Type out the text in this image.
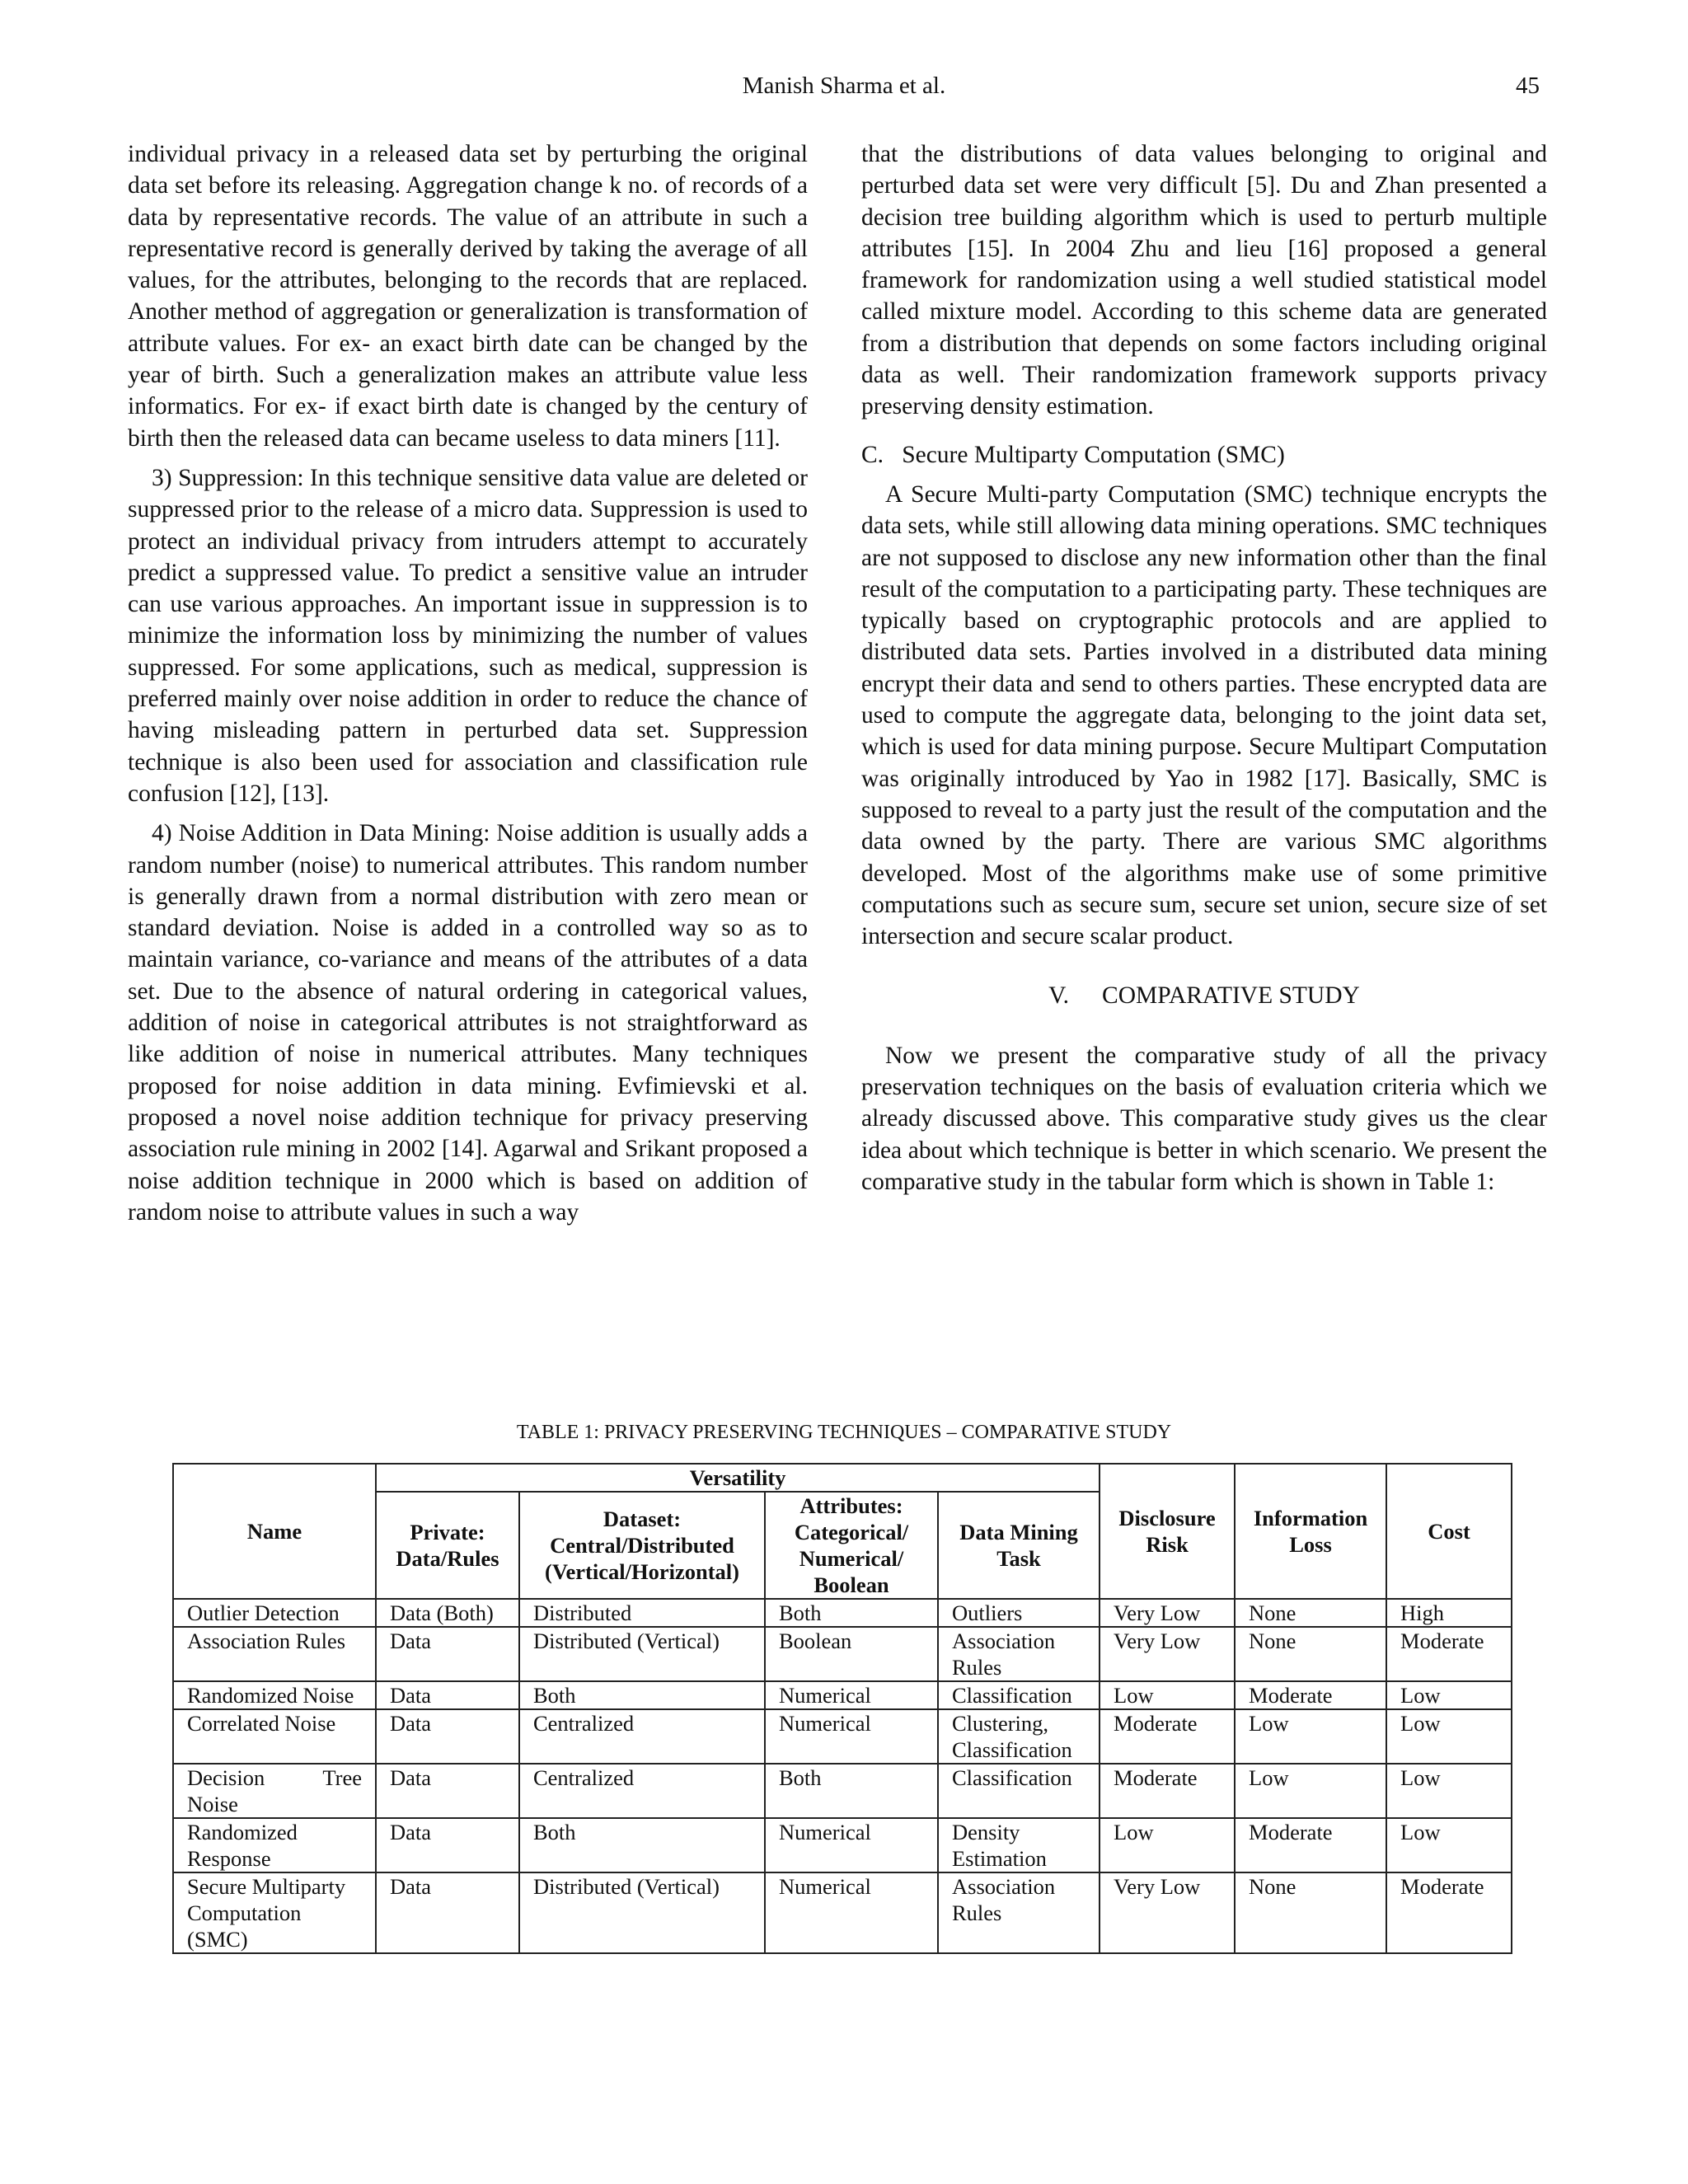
Manish Sharma et al.	45

individual privacy in a released data set by perturbing the original data set before its releasing. Aggregation change k no. of records of a data by representative records. The value of an attribute in such a representative record is generally derived by taking the average of all values, for the attributes, belonging to the records that are replaced. Another method of aggregation or generalization is transformation of attribute values. For ex- an exact birth date can be changed by the year of birth. Such a generalization makes an attribute value less informatics. For ex- if exact birth date is changed by the century of birth then the released data can became useless to data miners [11].

3) Suppression: In this technique sensitive data value are deleted or suppressed prior to the release of a micro data. Suppression is used to protect an individual privacy from intruders attempt to accurately predict a suppressed value. To predict a sensitive value an intruder can use various approaches. An important issue in suppression is to minimize the information loss by minimizing the number of values suppressed. For some applications, such as medical, suppression is preferred mainly over noise addition in order to reduce the chance of having misleading pattern in perturbed data set. Suppression technique is also been used for association and classification rule confusion [12], [13].

4) Noise Addition in Data Mining: Noise addition is usually adds a random number (noise) to numerical attributes. This random number is generally drawn from a normal distribution with zero mean or standard deviation. Noise is added in a controlled way so as to maintain variance, co-variance and means of the attributes of a data set. Due to the absence of natural ordering in categorical values, addition of noise in categorical attributes is not straightforward as like addition of noise in numerical attributes. Many techniques proposed for noise addition in data mining. Evfimievski et al. proposed a novel noise addition technique for privacy preserving association rule mining in 2002 [14]. Agarwal and Srikant proposed a noise addition technique in 2000 which is based on addition of random noise to attribute values in such a way

that the distributions of data values belonging to original and perturbed data set were very difficult [5]. Du and Zhan presented a decision tree building algorithm which is used to perturb multiple attributes [15]. In 2004 Zhu and lieu [16] proposed a general framework for randomization using a well studied statistical model called mixture model. According to this scheme data are generated from a distribution that depends on some factors including original data as well. Their randomization framework supports privacy preserving density estimation.

C. Secure Multiparty Computation (SMC)

A Secure Multi-party Computation (SMC) technique encrypts the data sets, while still allowing data mining operations. SMC techniques are not supposed to disclose any new information other than the final result of the computation to a participating party. These techniques are typically based on cryptographic protocols and are applied to distributed data sets. Parties involved in a distributed data mining encrypt their data and send to others parties. These encrypted data are used to compute the aggregate data, belonging to the joint data set, which is used for data mining purpose. Secure Multipart Computation was originally introduced by Yao in 1982 [17]. Basically, SMC is supposed to reveal to a party just the result of the computation and the data owned by the party. There are various SMC algorithms developed. Most of the algorithms make use of some primitive computations such as secure sum, secure set union, secure size of set intersection and secure scalar product.

V. COMPARATIVE STUDY

Now we present the comparative study of all the privacy preservation techniques on the basis of evaluation criteria which we already discussed above. This comparative study gives us the clear idea about which technique is better in which scenario. We present the comparative study in the tabular form which is shown in Table 1:

TABLE 1: PRIVACY PRESERVING TECHNIQUES – COMPARATIVE STUDY
Name	Versatility				Disclosure Risk	Information Loss	Cost
	Private: Data/Rules	Dataset: Central/Distributed (Vertical/Horizontal)	Attributes: Categorical/ Numerical/ Boolean	Data Mining Task			
Outlier Detection	Data (Both)	Distributed	Both	Outliers	Very Low	None	High
Association Rules	Data	Distributed (Vertical)	Boolean	Association Rules	Very Low	None	Moderate
Randomized Noise	Data	Both	Numerical	Classification	Low	Moderate	Low
Correlated Noise	Data	Centralized	Numerical	Clustering, Classification	Moderate	Low	Low
Decision Tree Noise	Data	Centralized	Both	Classification	Moderate	Low	Low
Randomized Response	Data	Both	Numerical	Density Estimation	Low	Moderate	Low
Secure Multiparty Computation (SMC)	Data	Distributed (Vertical)	Numerical	Association Rules	Very Low	None	Moderate
